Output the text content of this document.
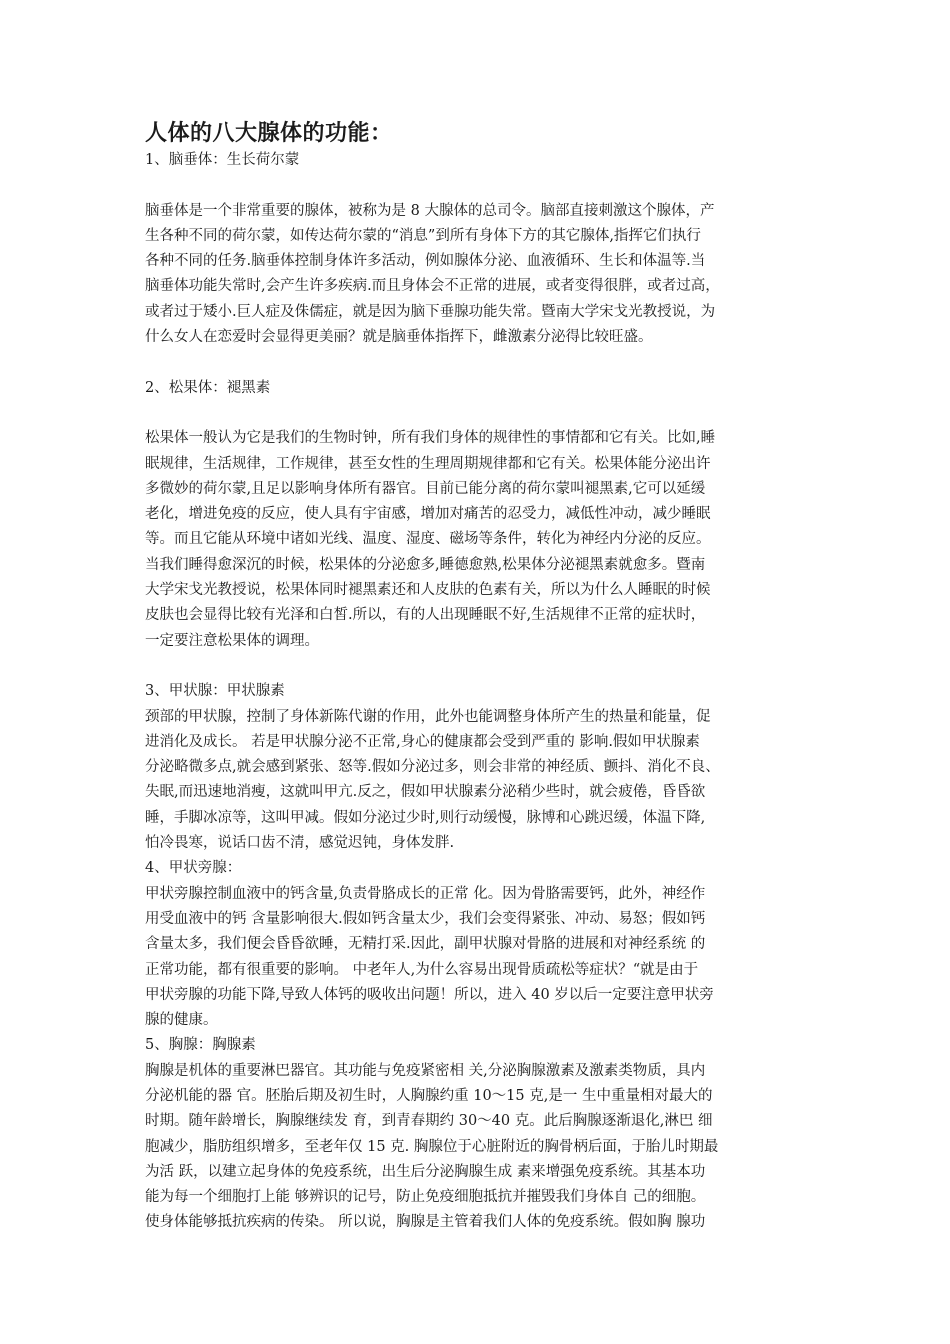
人体的八大腺体的功能：

1、脑垂体：生长荷尔蒙

脑垂体是一个非常重要的腺体，被称为是 8 大腺体的总司令。脑部直接刺激这个腺体，产

生各种不同的荷尔蒙，如传达荷尔蒙的“消息”到所有身体下方的其它腺体,指挥它们执行

各种不同的任务.脑垂体控制身体许多活动，例如腺体分泌、血液循环、生长和体温等.当

脑垂体功能失常时,会产生许多疾病.而且身体会不正常的进展，或者变得很胖，或者过高，

或者过于矮小.巨人症及侏儒症，就是因为脑下垂腺功能失常。暨南大学宋戈光教授说，为

什么女人在恋爱时会显得更美丽？就是脑垂体指挥下，雌激素分泌得比较旺盛。

2、松果体：褪黑素

松果体一般认为它是我们的生物时钟，所有我们身体的规律性的事情都和它有关。比如,睡

眠规律，生活规律，工作规律，甚至女性的生理周期规律都和它有关。松果体能分泌出许

多微妙的荷尔蒙,且足以影响身体所有器官。目前已能分离的荷尔蒙叫褪黑素,它可以延缓

老化，增进免疫的反应，使人具有宇宙感，增加对痛苦的忍受力，减低性冲动，减少睡眠

等。而且它能从环境中诸如光线、温度、湿度、磁场等条件，转化为神经内分泌的反应。

当我们睡得愈深沉的时候，松果体的分泌愈多,睡德愈熟,松果体分泌褪黑素就愈多。暨南

大学宋戈光教授说，松果体同时褪黑素还和人皮肤的色素有关，所以为什么人睡眠的时候

皮肤也会显得比较有光泽和白皙.所以，有的人出现睡眠不好,生活规律不正常的症状时，

一定要注意松果体的调理。

3、甲状腺：甲状腺素

颈部的甲状腺，控制了身体新陈代谢的作用，此外也能调整身体所产生的热量和能量，促

进消化及成长。 若是甲状腺分泌不正常,身心的健康都会受到严重的 影响.假如甲状腺素

分泌略微多点,就会感到紧张、怒等.假如分泌过多，则会非常的神经质、颤抖、消化不良、

失眠,而迅速地消瘦，这就叫甲亢.反之，假如甲状腺素分泌稍少些时，就会疲倦，昏昏欲

睡，手脚冰凉等，这叫甲减。假如分泌过少时,则行动缓慢，脉博和心跳迟缓，体温下降,

怕冷畏寒，说话口齿不清，感觉迟钝，身体发胖.

4、甲状旁腺：

甲状旁腺控制血液中的钙含量,负责骨胳成长的正常 化。因为骨胳需要钙，此外，神经作

用受血液中的钙 含量影响很大.假如钙含量太少，我们会变得紧张、冲动、易怒；假如钙

含量太多，我们便会昏昏欲睡，无精打采.因此，副甲状腺对骨胳的进展和对神经系统 的

正常功能，都有很重要的影响。 中老年人,为什么容易出现骨质疏松等症状？“就是由于

甲状旁腺的功能下降,导致人体钙的吸收出问题！所以，进入 40 岁以后一定要注意甲状旁

腺的健康。

5、胸腺：胸腺素

胸腺是机体的重要淋巴器官。其功能与免疫紧密相 关,分泌胸腺激素及激素类物质，具内

分泌机能的器 官。胚胎后期及初生时，人胸腺约重 10～15 克,是一 生中重量相对最大的

时期。随年龄增长，胸腺继续发 育，到青春期约 30～40 克。此后胸腺逐渐退化,淋巴 细

胞减少，脂肪组织增多，至老年仅 15 克. 胸腺位于心脏附近的胸骨柄后面，于胎儿时期最

为活 跃，以建立起身体的免疫系统，出生后分泌胸腺生成 素来增强免疫系统。其基本功

能为每一个细胞打上能 够辨识的记号，防止免疫细胞抵抗并摧毁我们身体自 己的细胞。

使身体能够抵抗疾病的传染。 所以说，胸腺是主管着我们人体的免疫系统。假如胸 腺功
